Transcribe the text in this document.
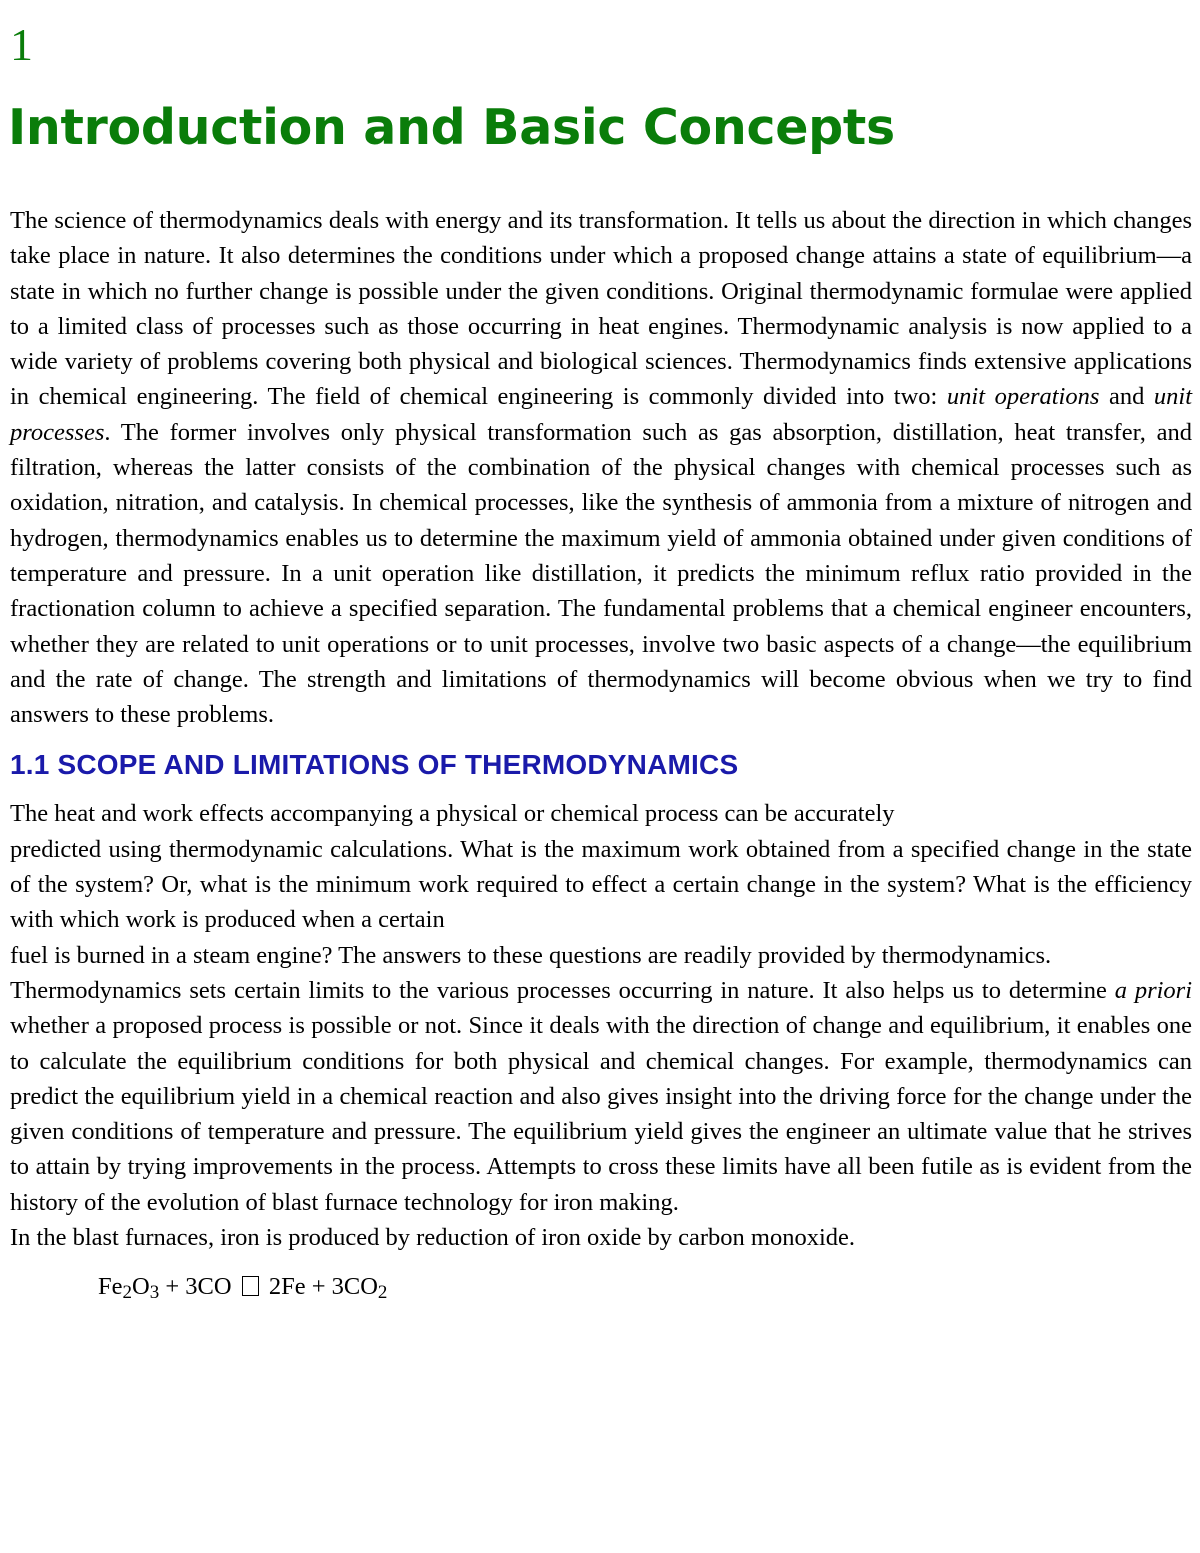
1
Introduction and Basic Concepts

The science of thermodynamics deals with energy and its transformation. It tells us about the direction in which changes take place in nature. It also determines the conditions under which a proposed change attains a state of equilibrium—a state in which no further change is possible under the given conditions. Original thermodynamic formulae were applied to a limited class of processes such as those occurring in heat engines. Thermodynamic analysis is now applied to a wide variety of problems covering both physical and biological sciences. Thermodynamics finds extensive applications in chemical engineering. The field of chemical engineering is commonly divided into two: unit operations and unit processes. The former involves only physical transformation such as gas absorption, distillation, heat transfer, and filtration, whereas the latter consists of the combination of the physical changes with chemical processes such as oxidation, nitration, and catalysis. In chemical processes, like the synthesis of ammonia from a mixture of nitrogen and hydrogen, thermodynamics enables us to determine the maximum yield of ammonia obtained under given conditions of temperature and pressure. In a unit operation like distillation, it predicts the minimum reflux ratio provided in the fractionation column to achieve a specified separation. The fundamental problems that a chemical engineer encounters, whether they are related to unit operations or to unit processes, involve two basic aspects of a change—the equilibrium and the rate of change. The strength and limitations of thermodynamics will become obvious when we try to find answers to these problems.

1.1 SCOPE AND LIMITATIONS OF THERMODYNAMICS

The heat and work effects accompanying a physical or chemical process can be accurately

predicted using thermodynamic calculations. What is the maximum work obtained from a specified change in the state of the system? Or, what is the minimum work required to effect a certain change in the system? What is the efficiency with which work is produced when a certain

fuel is burned in a steam engine? The answers to these questions are readily provided by thermodynamics.

Thermodynamics sets certain limits to the various processes occurring in nature. It also helps us to determine a priori whether a proposed process is possible or not. Since it deals with the direction of change and equilibrium, it enables one to calculate the equilibrium conditions for both physical and chemical changes. For example, thermodynamics can predict the equilibrium yield in a chemical reaction and also gives insight into the driving force for the change under the given conditions of temperature and pressure. The equilibrium yield gives the engineer an ultimate value that he strives to attain by trying improvements in the process. Attempts to cross these limits have all been futile as is evident from the history of the evolution of blast furnace technology for iron making.

In the blast furnaces, iron is produced by reduction of iron oxide by carbon monoxide.

$Fe_2O_3 + 3CO$  $2Fe + 3CO_2$
